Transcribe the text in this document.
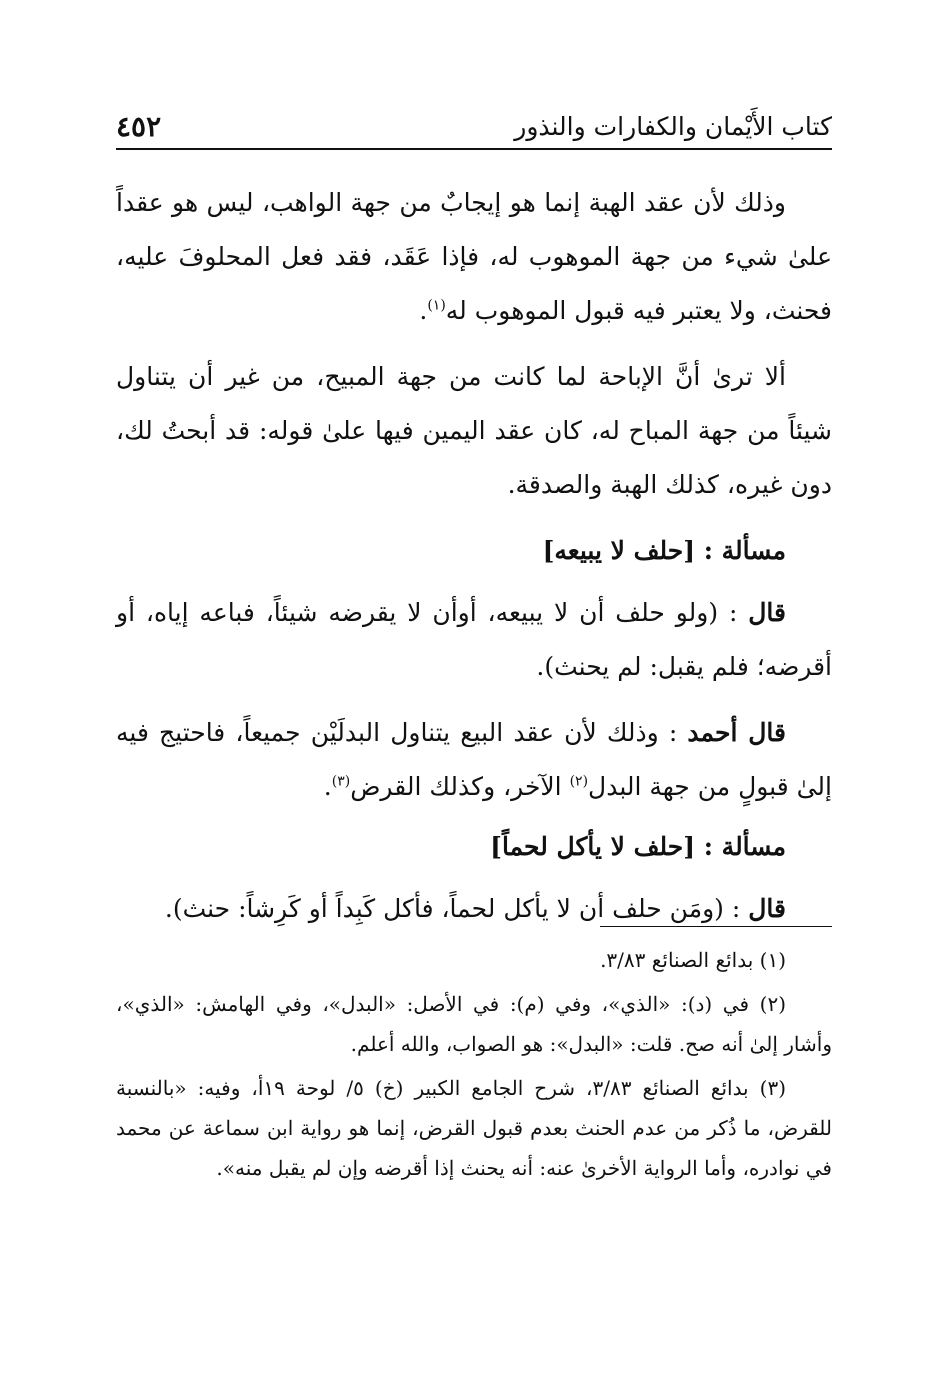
كتاب الأَيْمان والكفارات والنذور
٤٥٢

وذلك لأن عقد الهبة إنما هو إيجابٌ من جهة الواهب، ليس هو عقداً علىٰ شيء من جهة الموهوب له، فإذا عَقَد، فقد فعل المحلوفَ عليه، فحنث، ولا يعتبر فيه قبول الموهوب له$^{(١)}$.

ألا ترىٰ أنَّ الإباحة لما كانت من جهة المبيح، من غير أن يتناول شيئاً من جهة المباح له، كان عقد اليمين فيها علىٰ قوله: قد أبحتُ لك، دون غيره، كذلك الهبة والصدقة.

مسألة : [حلف لا يبيعه]

قال : (ولو حلف أن لا يبيعه، أوأن لا يقرضه شيئاً، فباعه إياه، أو أقرضه؛ فلم يقبل: لم يحنث).

قال أحمد : وذلك لأن عقد البيع يتناول البدلَيْن جميعاً، فاحتيج فيه إلىٰ قبولٍ من جهة البدل$^{(٢)}$ الآخر، وكذلك القرض$^{(٣)}$.

مسألة : [حلف لا يأكل لحماً]

قال : (ومَن حلف أن لا يأكل لحماً، فأكل كَبِداً أو كَرِشاً: حنث).

(١) بدائع الصنائع ٣/٨٣.

(٢) في (د): «الذي»، وفي (م): في الأصل: «البدل»، وفي الهامش: «الذي»، وأشار إلىٰ أنه صح. قلت: «البدل»: هو الصواب، والله أعلم.

(٣) بدائع الصنائع ٣/٨٣، شرح الجامع الكبير (خ) ٥/ لوحة ١٩أ، وفيه: «بالنسبة للقرض، ما ذُكر من عدم الحنث بعدم قبول القرض، إنما هو رواية ابن سماعة عن محمد في نوادره، وأما الرواية الأخرىٰ عنه: أنه يحنث إذا أقرضه وإن لم يقبل منه».
